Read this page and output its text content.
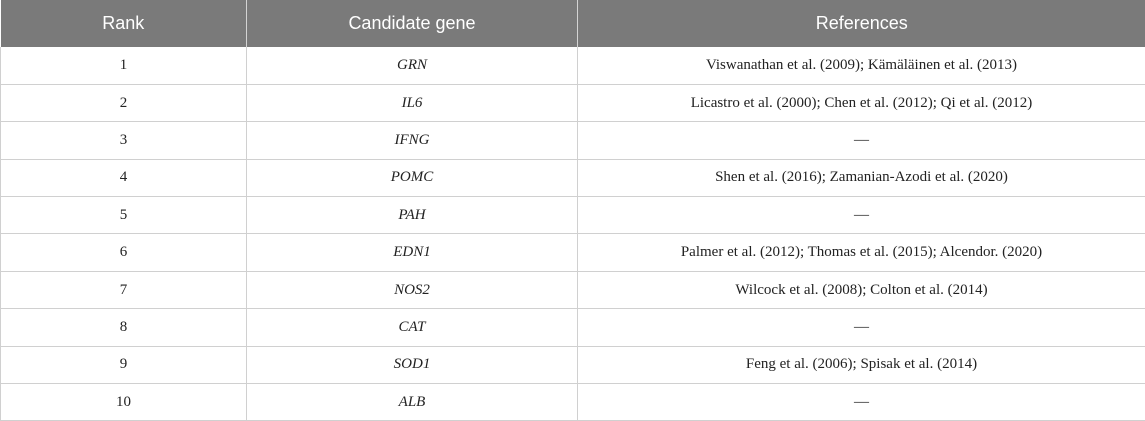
Rank	Candidate gene	References
1	GRN	Viswanathan et al. (2009); Kämäläinen et al. (2013)
2	IL6	Licastro et al. (2000); Chen et al. (2012); Qi et al. (2012)
3	IFNG	—
4	POMC	Shen et al. (2016); Zamanian-Azodi et al. (2020)
5	PAH	—
6	EDN1	Palmer et al. (2012); Thomas et al. (2015); Alcendor. (2020)
7	NOS2	Wilcock et al. (2008); Colton et al. (2014)
8	CAT	—
9	SOD1	Feng et al. (2006); Spisak et al. (2014)
10	ALB	—
